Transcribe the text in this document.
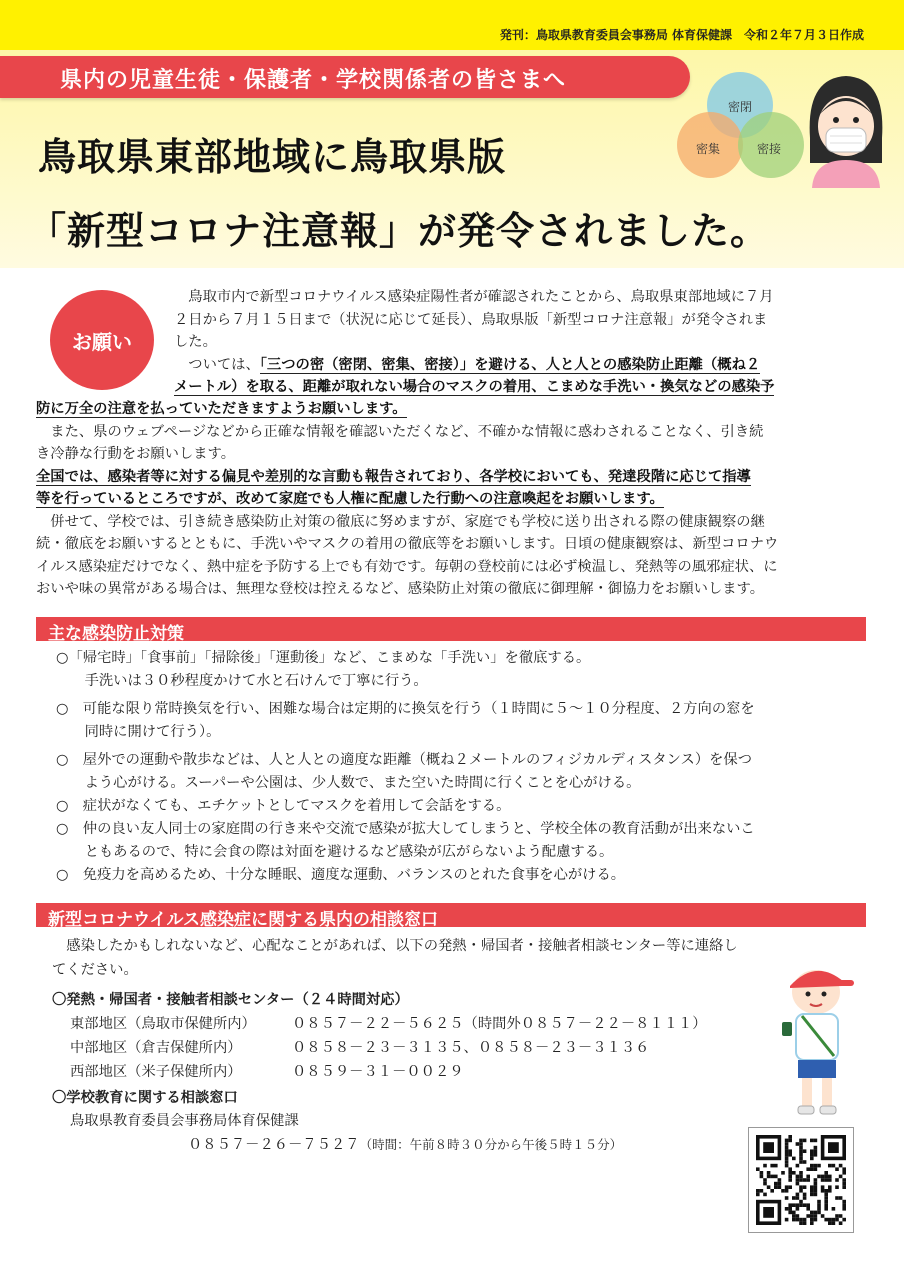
発刊：鳥取県教育委員会事務局 体育保健課　令和２年７月３日作成
県内の児童生徒・保護者・学校関係者の皆さまへ
鳥取県東部地域に鳥取県版
「新型コロナ注意報」が発令されました。
密閉
密集	密接
お願い
　鳥取市内で新型コロナウイルス感染症陽性者が確認されたことから、鳥取県東部地域に７月
２日から７月１５日まで（状況に応じて延長）、鳥取県版「新型コロナ注意報」が発令されま
した。
　ついては、「三つの密（密閉、密集、密接）」を避ける、人と人との感染防止距離（概ね２
メートル）を取る、距離が取れない場合のマスクの着用、こまめな手洗い・換気などの感染予
防に万全の注意を払っていただきますようお願いします。
　また、県のウェブページなどから正確な情報を確認いただくなど、不確かな情報に惑わされることなく、引き続
き冷静な行動をお願いします。
全国では、感染者等に対する偏見や差別的な言動も報告されており、各学校においても、発達段階に応じて指導
等を行っているところですが、改めて家庭でも人権に配慮した行動への注意喚起をお願いします。
　併せて、学校では、引き続き感染防止対策の徹底に努めますが、家庭でも学校に送り出される際の健康観察の継
続・徹底をお願いするとともに、手洗いやマスクの着用の徹底等をお願いします。日頃の健康観察は、新型コロナウ
イルス感染症だけでなく、熱中症を予防する上でも有効です。毎朝の登校前には必ず検温し、発熱等の風邪症状、に
おいや味の異常がある場合は、無理な登校は控えるなど、感染防止対策の徹底に御理解・御協力をお願いします。
主な感染防止対策
○「帰宅時」「食事前」「掃除後」「運動後」など、こまめな「手洗い」を徹底する。
　　手洗いは３０秒程度かけて水と石けんで丁寧に行う。
○　可能な限り常時換気を行い、困難な場合は定期的に換気を行う（１時間に５～１０分程度、２方向の窓を
　　同時に開けて行う）。
○　屋外での運動や散歩などは、人と人との適度な距離（概ね２メートルのフィジカルディスタンス）を保つ
　　よう心がける。スーパーや公園は、少人数で、また空いた時間に行くことを心がける。
○　症状がなくても、エチケットとしてマスクを着用して会話をする。
○　仲の良い友人同士の家庭間の行き来や交流で感染が拡大してしまうと、学校全体の教育活動が出来ないこ
　　ともあるので、特に会食の際は対面を避けるなど感染が広がらないよう配慮する。
○　免疫力を高めるため、十分な睡眠、適度な運動、バランスのとれた食事を心がける。
新型コロナウイルス感染症に関する県内の相談窓口
　感染したかもしれないなど、心配なことがあれば、以下の発熱・帰国者・接触者相談センター等に連絡し
てください。
〇発熱・帰国者・接触者相談センター（２４時間対応）
東部地区（鳥取市保健所内）	０８５７－２２－５６２５（時間外０８５７－２２－８１１１）
中部地区（倉吉保健所内）	０８５８－２３－３１３５、０８５８－２３－３１３６
西部地区（米子保健所内）	０８５９－３１－００２９
〇学校教育に関する相談窓口
鳥取県教育委員会事務局体育保健課
０８５７－２６－７５２７（時間：午前８時３０分から午後５時１５分）
